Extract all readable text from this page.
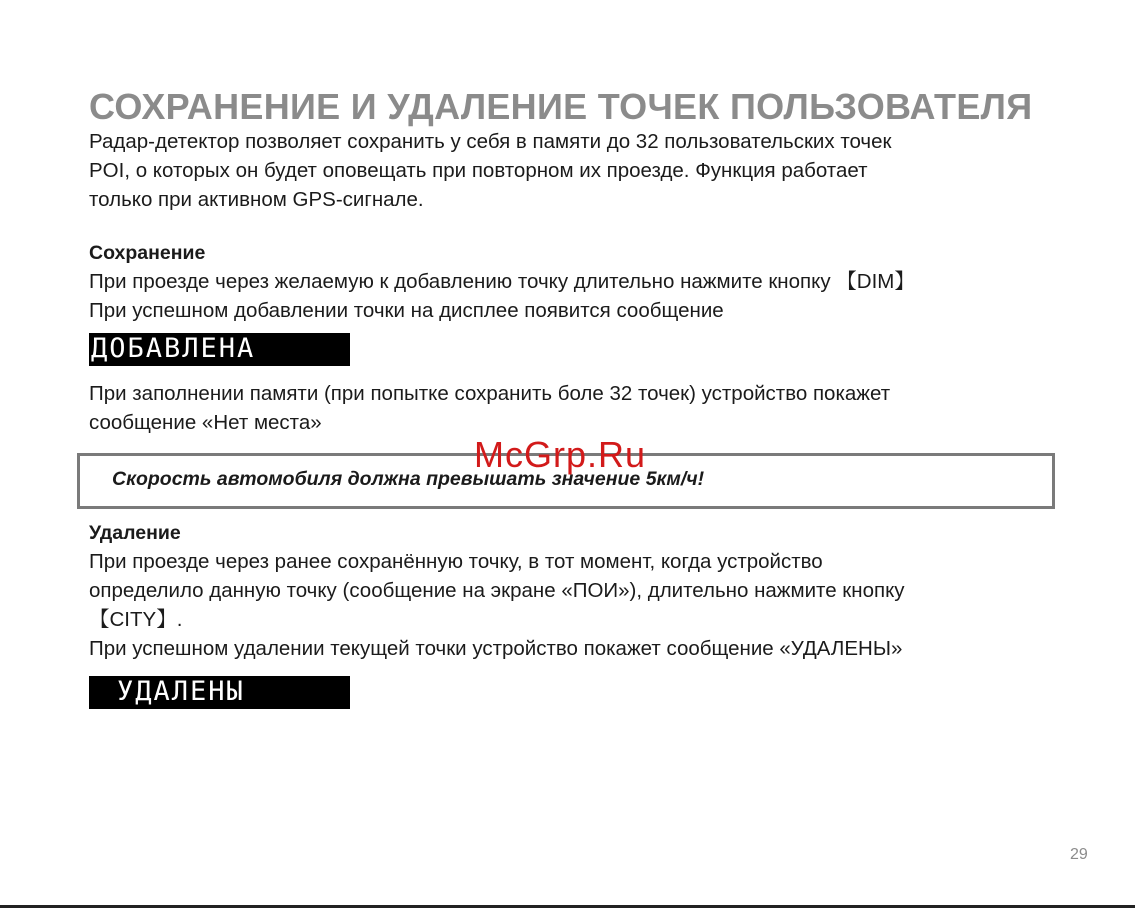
СОХРАНЕНИЕ И УДАЛЕНИЕ ТОЧЕК ПОЛЬЗОВАТЕЛЯ
Радар-детектор позволяет сохранить у себя в памяти до 32 пользовательских точек
POI, о которых он будет оповещать при повторном их проезде. Функция работает
только при активном GPS-сигнале.
Сохранение
При проезде через желаемую к добавлению точку длительно нажмите кнопку 【DIM】
При успешном добавлении точки на дисплее появится сообщение
ДОБАВЛЕНА
При заполнении памяти (при попытке сохранить боле 32 точек) устройство покажет
сообщение «Нет места»
Скорость автомобиля должна превышать значение 5км/ч!
McGrp.Ru
Удаление
При проезде через ранее сохранённую точку, в тот момент, когда устройство
определило данную точку (сообщение на экране «ПОИ»), длительно нажмите кнопку
【CITY】.
При успешном удалении текущей точки устройство покажет сообщение «УДАЛЕНЫ»
УДАЛЕНЫ
29
